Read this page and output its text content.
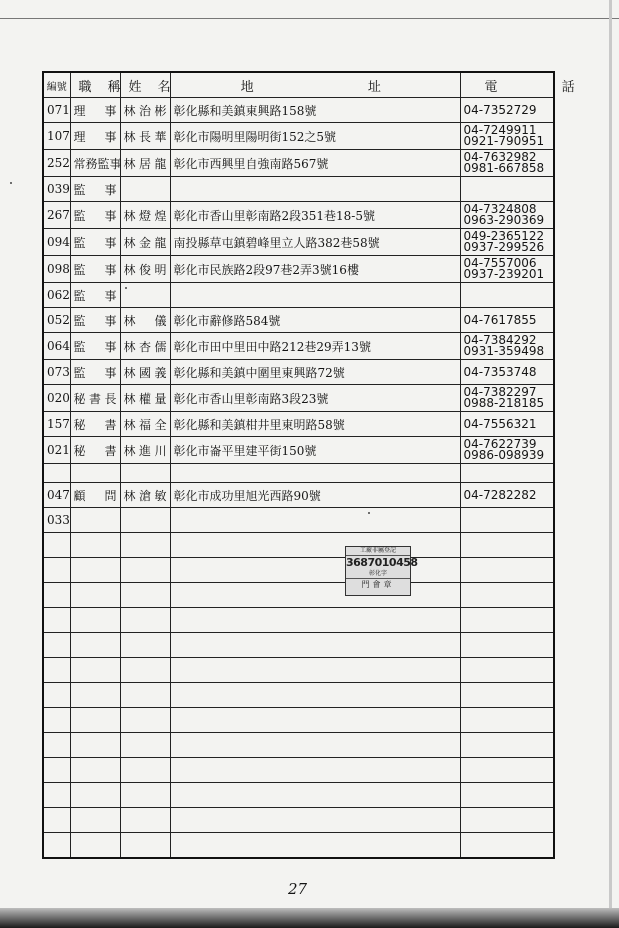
編號	職 稱	姓 名	地 址	電 話
071	理　事	林治彬	彰化縣和美鎮東興路158號	04-7352729

107	理　事	林長華	彰化市陽明里陽明街152之5號	04-7249911
0921-790951

252	常務監事	林居龍	彰化市西興里自強南路567號	04-7632982
0981-667858

039	監　事			
267	監　事	林燈煌	彰化市香山里彰南路2段351巷18-5號	04-7324808
0963-290369

094	監　事	林金龍	南投縣草屯鎮碧峰里立人路382巷58號	049-2365122
0937-299526

098	監　事	林俊明	彰化市民族路2段97巷2弄3號16樓	04-7557006
0937-239201

062	監　事			
052	監　事	林　儀	彰化市辭修路584號	04-7617855

064	監　事	林杏儒	彰化市田中里田中路212巷29弄13號	04-7384292
0931-359498

073	監　事	林國義	彰化縣和美鎮中圍里東興路72號	04-7353748

020	秘書長	林權量	彰化市香山里彰南路3段23號	04-7382297
0988-218185

157	秘　書	林福全	彰化縣和美鎮柑井里東明路58號	04-7556321

021	秘　書	林進川	彰化市崙平里建平街150號	04-7622739
0986-098939

047	顧　問	林滄敏	彰化市成功里旭光西路90號	04-7282282

033				

工廠非屬登記
3687010458
彰化字
門會章
27
